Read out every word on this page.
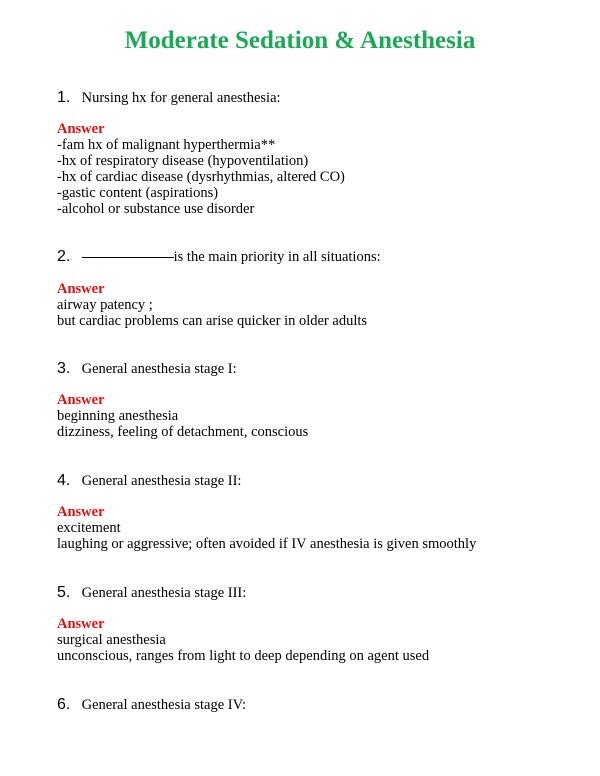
Moderate Sedation & Anesthesia
1. Nursing hx for general anesthesia:
Answer
-fam hx of malignant hyperthermia**
-hx of respiratory disease (hypoventilation)
-hx of cardiac disease (dysrhythmias, altered CO)
-gastic content (aspirations)
-alcohol or substance use disorder
2.	is the main priority in all situations:
Answer
airway patency ;
but cardiac problems can arise quicker in older adults
3. General anesthesia stage I:
Answer
beginning anesthesia
dizziness, feeling of detachment, conscious
4. General anesthesia stage II:
Answer
excitement
laughing or aggressive; often avoided if IV anesthesia is given smoothly
5. General anesthesia stage III:
Answer
surgical anesthesia
unconscious, ranges from light to deep depending on agent used
6. General anesthesia stage IV:
